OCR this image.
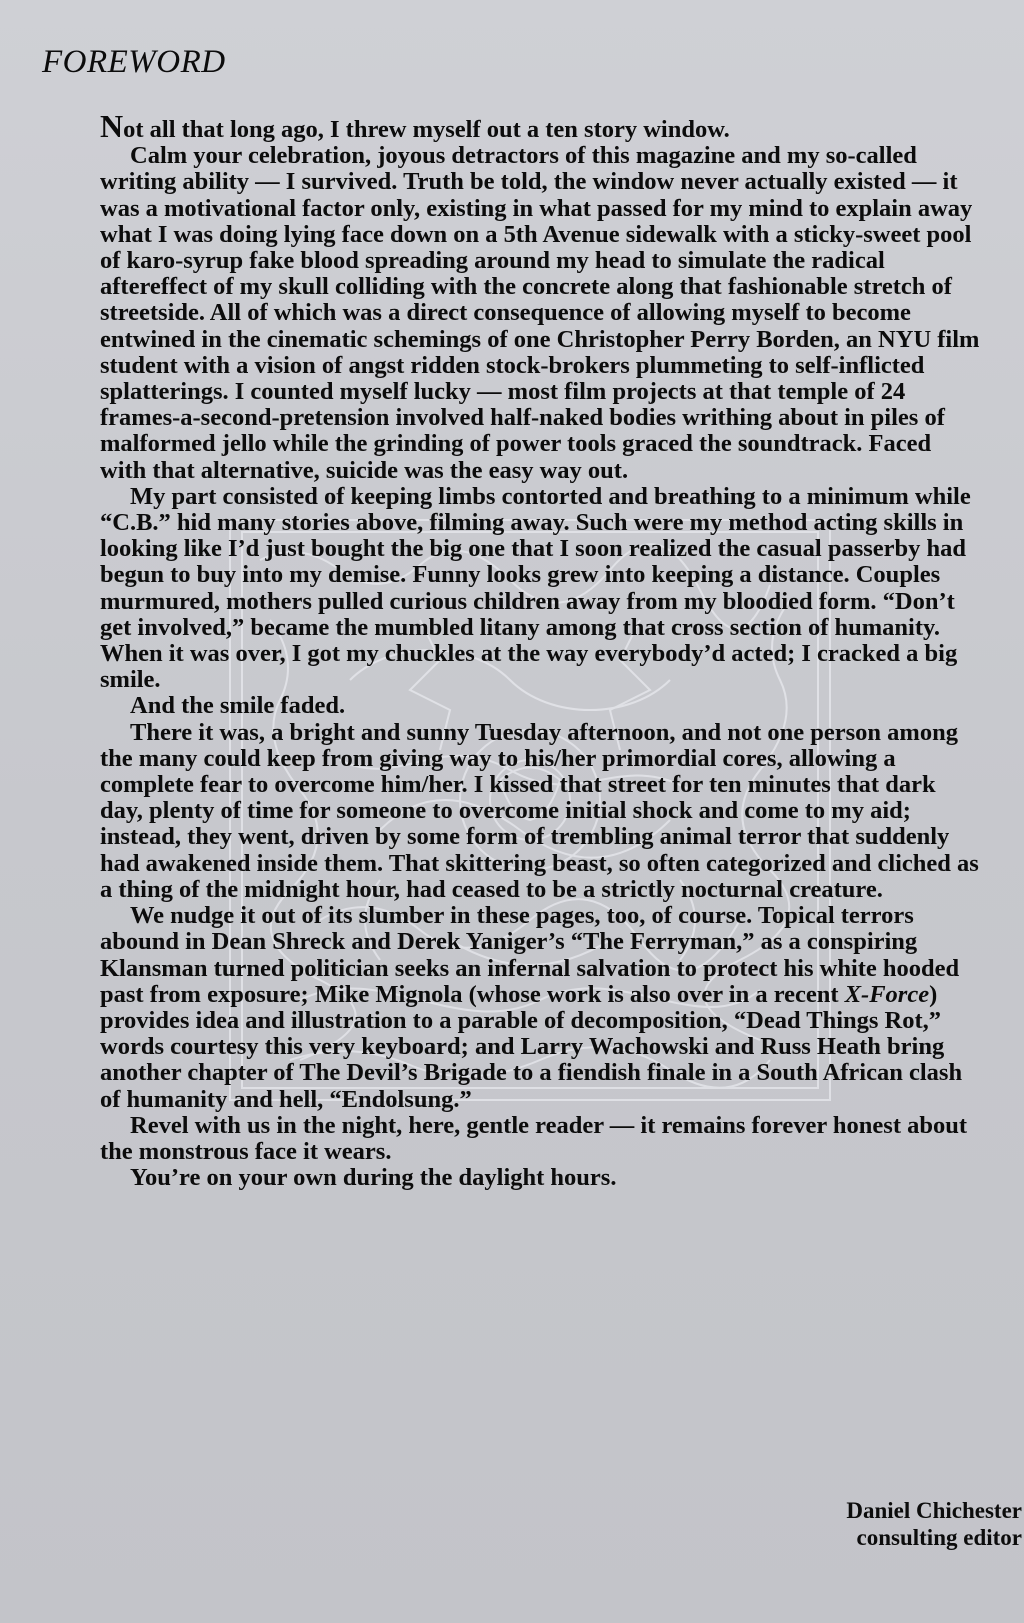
FOREWORD

Not all that long ago, I threw myself out a ten story window.

Calm your celebration, joyous detractors of this magazine and my so-called writing ability — I survived. Truth be told, the window never actually existed — it was a motivational factor only, existing in what passed for my mind to explain away what I was doing lying face down on a 5th Avenue sidewalk with a sticky-sweet pool of karo-syrup fake blood spreading around my head to simulate the radical aftereffect of my skull colliding with the concrete along that fashionable stretch of streetside. All of which was a direct consequence of allowing myself to become entwined in the cinematic schemings of one Christopher Perry Borden, an NYU film student with a vision of angst ridden stock-brokers plummeting to self-inflicted splatterings. I counted myself lucky — most film projects at that temple of 24 frames-a-second-pretension involved half-naked bodies writhing about in piles of malformed jello while the grinding of power tools graced the soundtrack. Faced with that alternative, suicide was the easy way out.

My part consisted of keeping limbs contorted and breathing to a minimum while “C.B.” hid many stories above, filming away. Such were my method acting skills in looking like I’d just bought the big one that I soon realized the casual passerby had begun to buy into my demise. Funny looks grew into keeping a distance. Couples murmured, mothers pulled curious children away from my bloodied form. “Don’t get involved,” became the mumbled litany among that cross section of humanity. When it was over, I got my chuckles at the way everybody’d acted; I cracked a big smile.

And the smile faded.

There it was, a bright and sunny Tuesday afternoon, and not one person among the many could keep from giving way to his/her primordial cores, allowing a complete fear to overcome him/her. I kissed that street for ten minutes that dark day, plenty of time for someone to overcome initial shock and come to my aid; instead, they went, driven by some form of trembling animal terror that suddenly had awakened inside them. That skittering beast, so often categorized and cliched as a thing of the midnight hour, had ceased to be a strictly nocturnal creature.

We nudge it out of its slumber in these pages, too, of course. Topical terrors abound in Dean Shreck and Derek Yaniger’s “The Ferryman,” as a conspiring Klansman turned politician seeks an infernal salvation to protect his white hooded past from exposure; Mike Mignola (whose work is also over in a recent X-Force) provides idea and illustration to a parable of decomposition, “Dead Things Rot,” words courtesy this very keyboard; and Larry Wachowski and Russ Heath bring another chapter of The Devil’s Brigade to a fiendish finale in a South African clash of humanity and hell, “Endolsung.”

Revel with us in the night, here, gentle reader — it remains forever honest about the monstrous face it wears.

You’re on your own during the daylight hours.

Daniel Chichester
consulting editor
